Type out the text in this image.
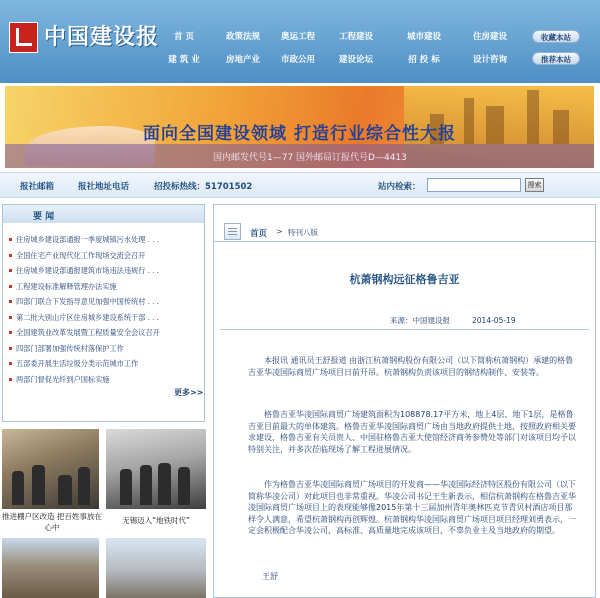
中国建设报	首 页	政策法规	奥运工程	工程建设	城市建设	住房建设
建 筑 业	房地产业	市政公用	建设论坛	招 投 标	设计咨询
收藏本站
推荐本站
面向全国建设领域 打造行业综合性大报
国内邮发代号1—77 国外邮局订报代号D—4413
报社邮箱	报社地址电话	招投标热线：51701502	站内检索：	搜索
要 闻
住房城乡建设部通报一季度城镇污水处理 . . .
全国住宅产业现代化工作现场交流会召开
住房城乡建设部通报建筑市场违法违规行 . . .
工程建设标准解释管理办法实施
四部门联合下发指导意见加强中国传统村 . . .
第二批大别山片区住房城乡建设系统干部 . . .
全国建筑业改革发展暨工程质量安全会议召开
四部门部署加强传统村落保护工作
五部委开展生活垃圾分类示范城市工作
两部门督促光纤到户国标实施
更多>>
推进棚户区改造 把百姓事放在心中
无锡迈入“地铁时代”
首页 > 特刊八版
杭萧钢构远征格鲁吉亚
来源：中国建设报	2014-05-19

本报讯 通讯员王舒报道 由浙江杭萧钢构股份有限公司（以下简称杭萧钢构）承建的格鲁吉亚华凌国际商贸广场项目日前开吊。杭萧钢构负责该项目的钢结构制作、安装等。

格鲁吉亚华凌国际商贸广场建筑面积为108878.17平方米，地上4层、地下1层，是格鲁吉亚目前最大的单体建筑。格鲁吉亚华凌国际商贸广场由当地政府提供土地，按照政府相关要求建设，格鲁吉亚有关员贵人、中国驻格鲁吉亚大使馆经济商务参赞处等部门对该项目均予以特别关注，并多次莅临现场了解工程进展情况。

作为格鲁吉亚华凌国际商贸广场项目的开发商——华凌国际经济特区股份有限公司（以下简称华凌公司）对此项目也非常重视。华凌公司书记王生新表示，相信杭萧钢构在格鲁吉亚华凌国际商贸广场项目上的表现能够像2015年第十三届加州青年奥林匹克节青贝村酒店项目那样令人满意，希望杭萧钢构再创辉煌。杭萧钢构华凌国际商贸广场项目项目经理刘勇表示，一定会积极配合华凌公司，高标准、高质量地完成该项目，不辜负业主及当地政府的期望。

王舒
